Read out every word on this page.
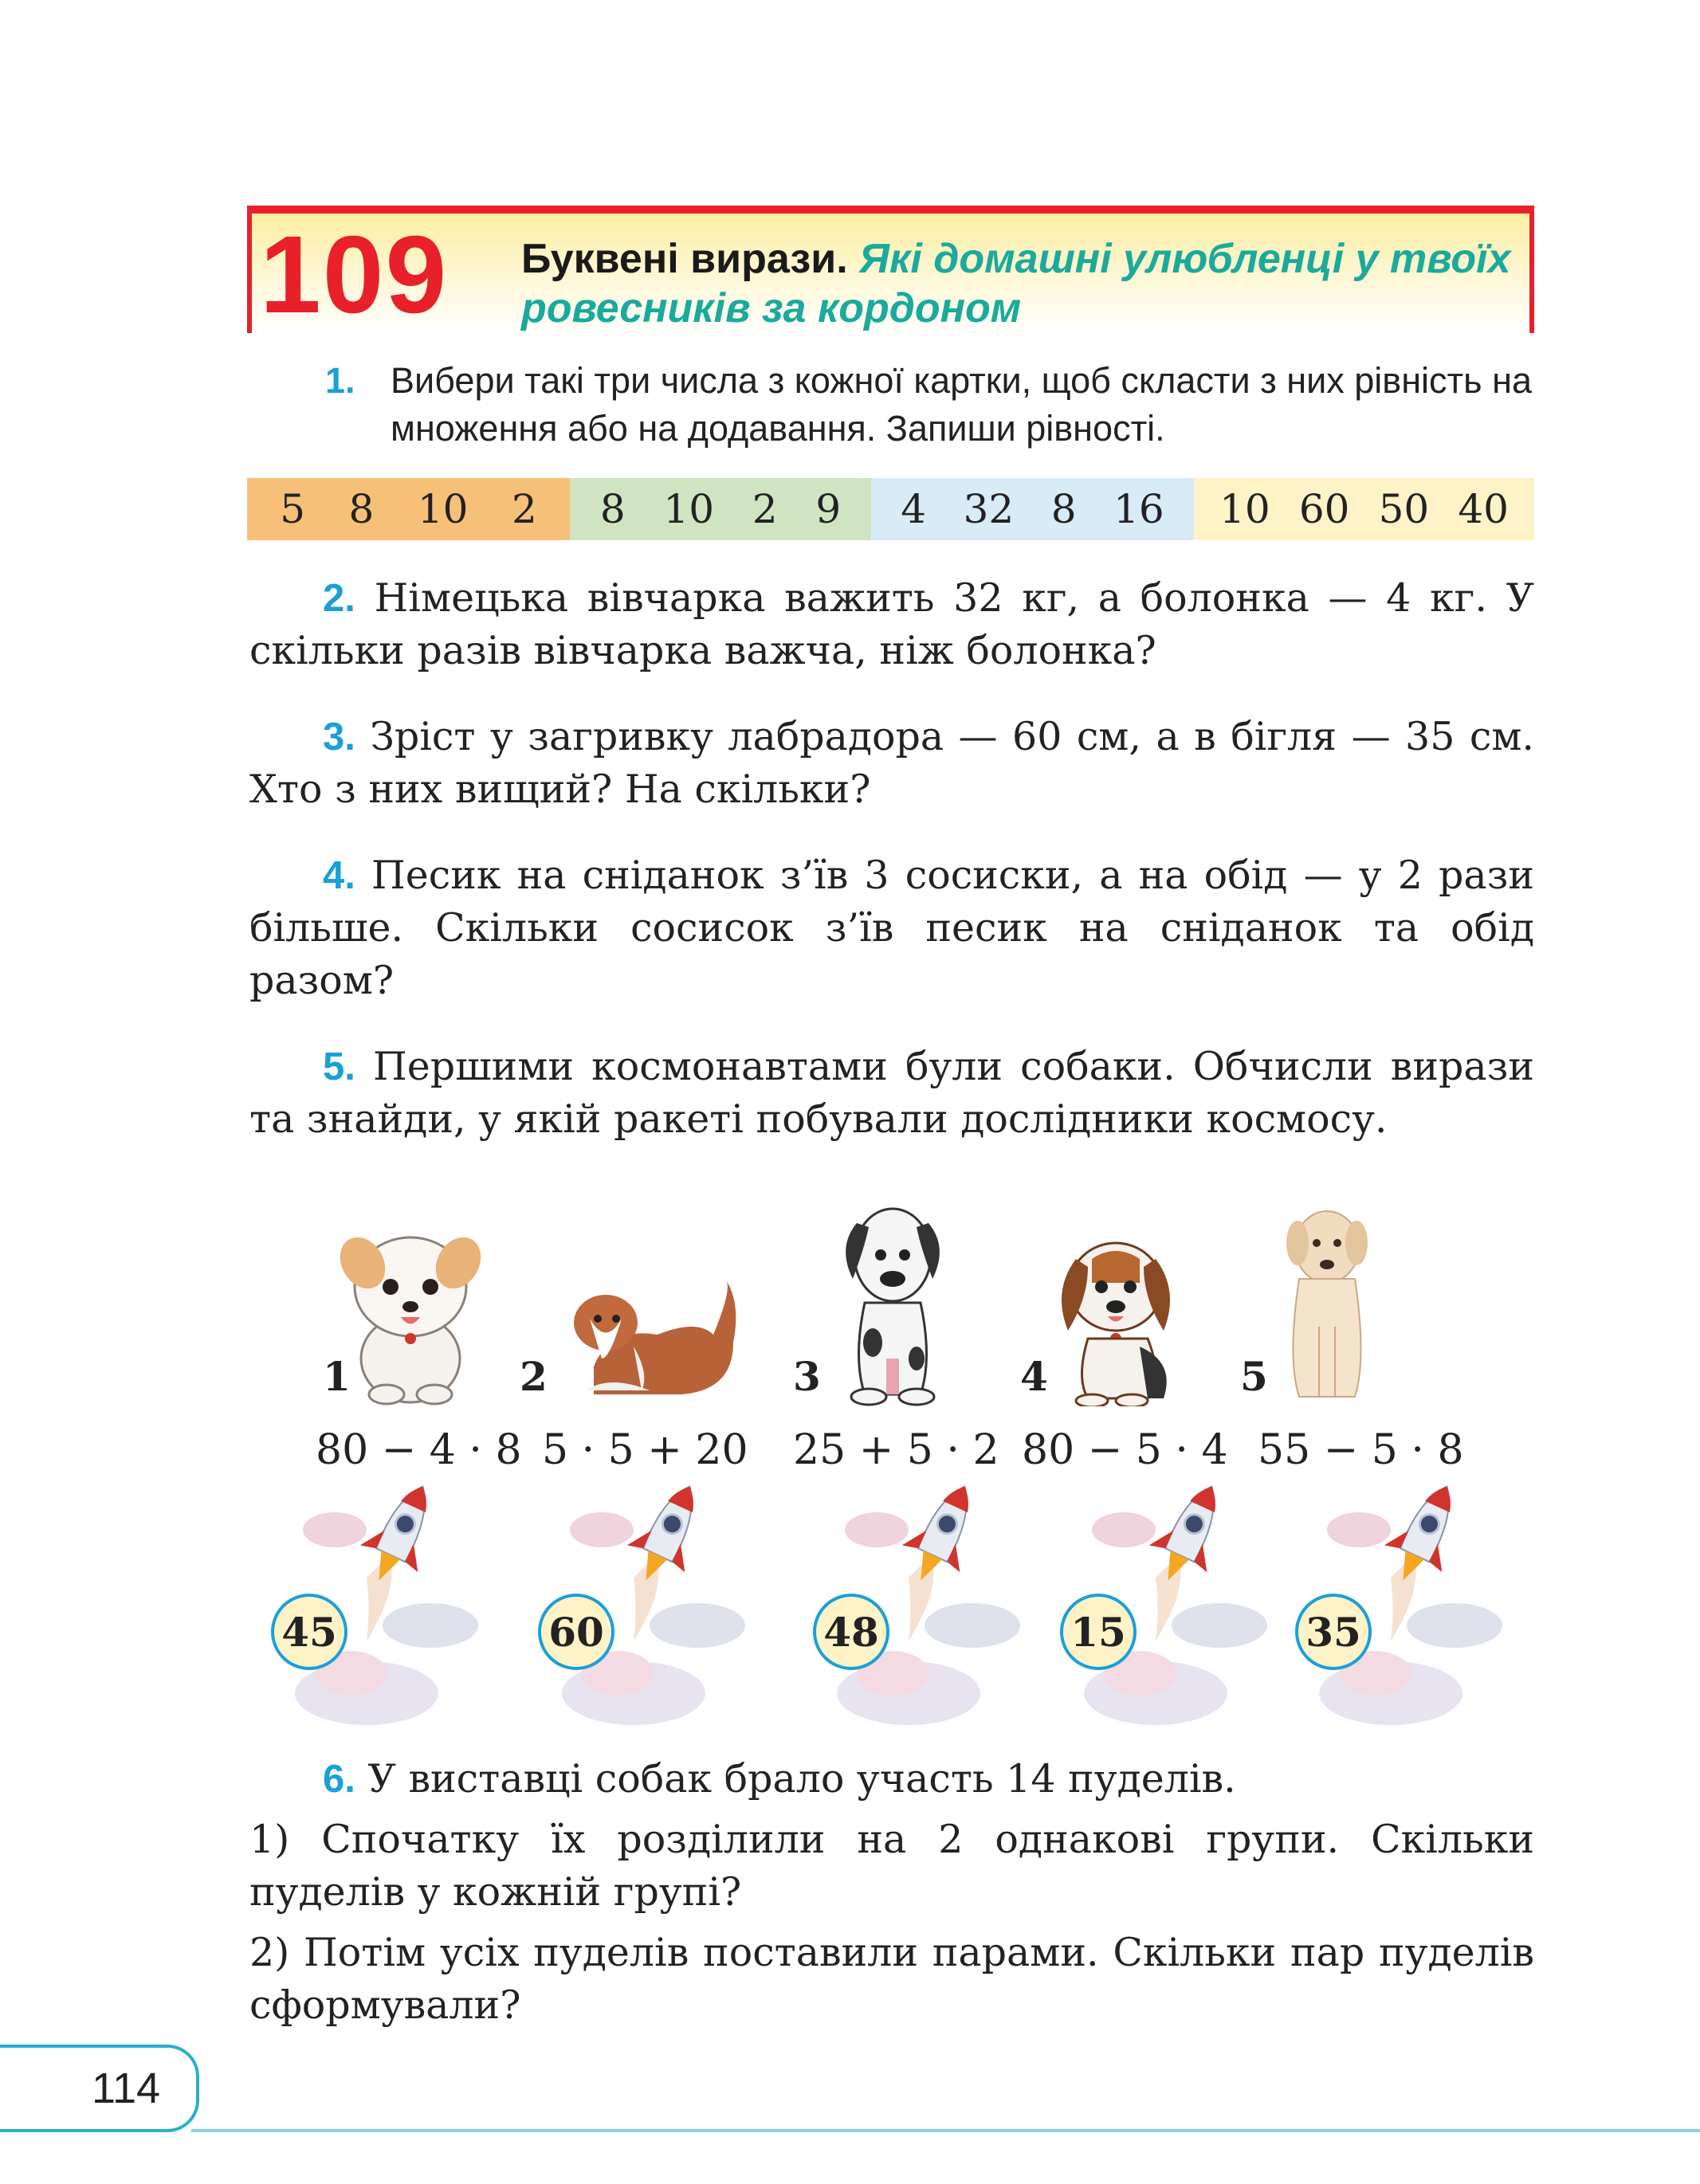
109 Буквені вирази. Які домашні улюбленці у твоїх ровесників за кордоном
1. Вибери такі три числа з кожної картки, щоб скласти з них рівність на множення або на додавання. Запиши рівності.
5 8 10 2 8 10 2 9 4 32 8 16 10 60 50 40
2. Німецька вівчарка важить 32 кг, а болонка — 4 кг. У скільки разів вівчарка важча, ніж болонка?
3. Зріст у загривку лабрадора — 60 см, а в бігля — 35 см. Хто з них вищий? На скільки?
4. Песик на сніданок з’їв 3 сосиски, а на обід — у 2 рази більше. Скільки сосисок з’їв песик на сніданок та обід разом?
5. Першими космонавтами були собаки. Обчисли вирази та знайди, у якій ракеті побували дослідники космосу.
1	2	3	4	5
80 − 4 · 8 5 · 5 + 20 25 + 5 · 2 80 − 5 · 4 55 − 5 · 8
45	60	48	15	35
6. У виставці собак брало участь 14 пуделів.
1) Спочатку їх розділили на 2 однакові групи. Скільки пуделів у кожній групі?
2) Потім усіх пуделів поставили парами. Скільки пар пуделів сформували?
114
